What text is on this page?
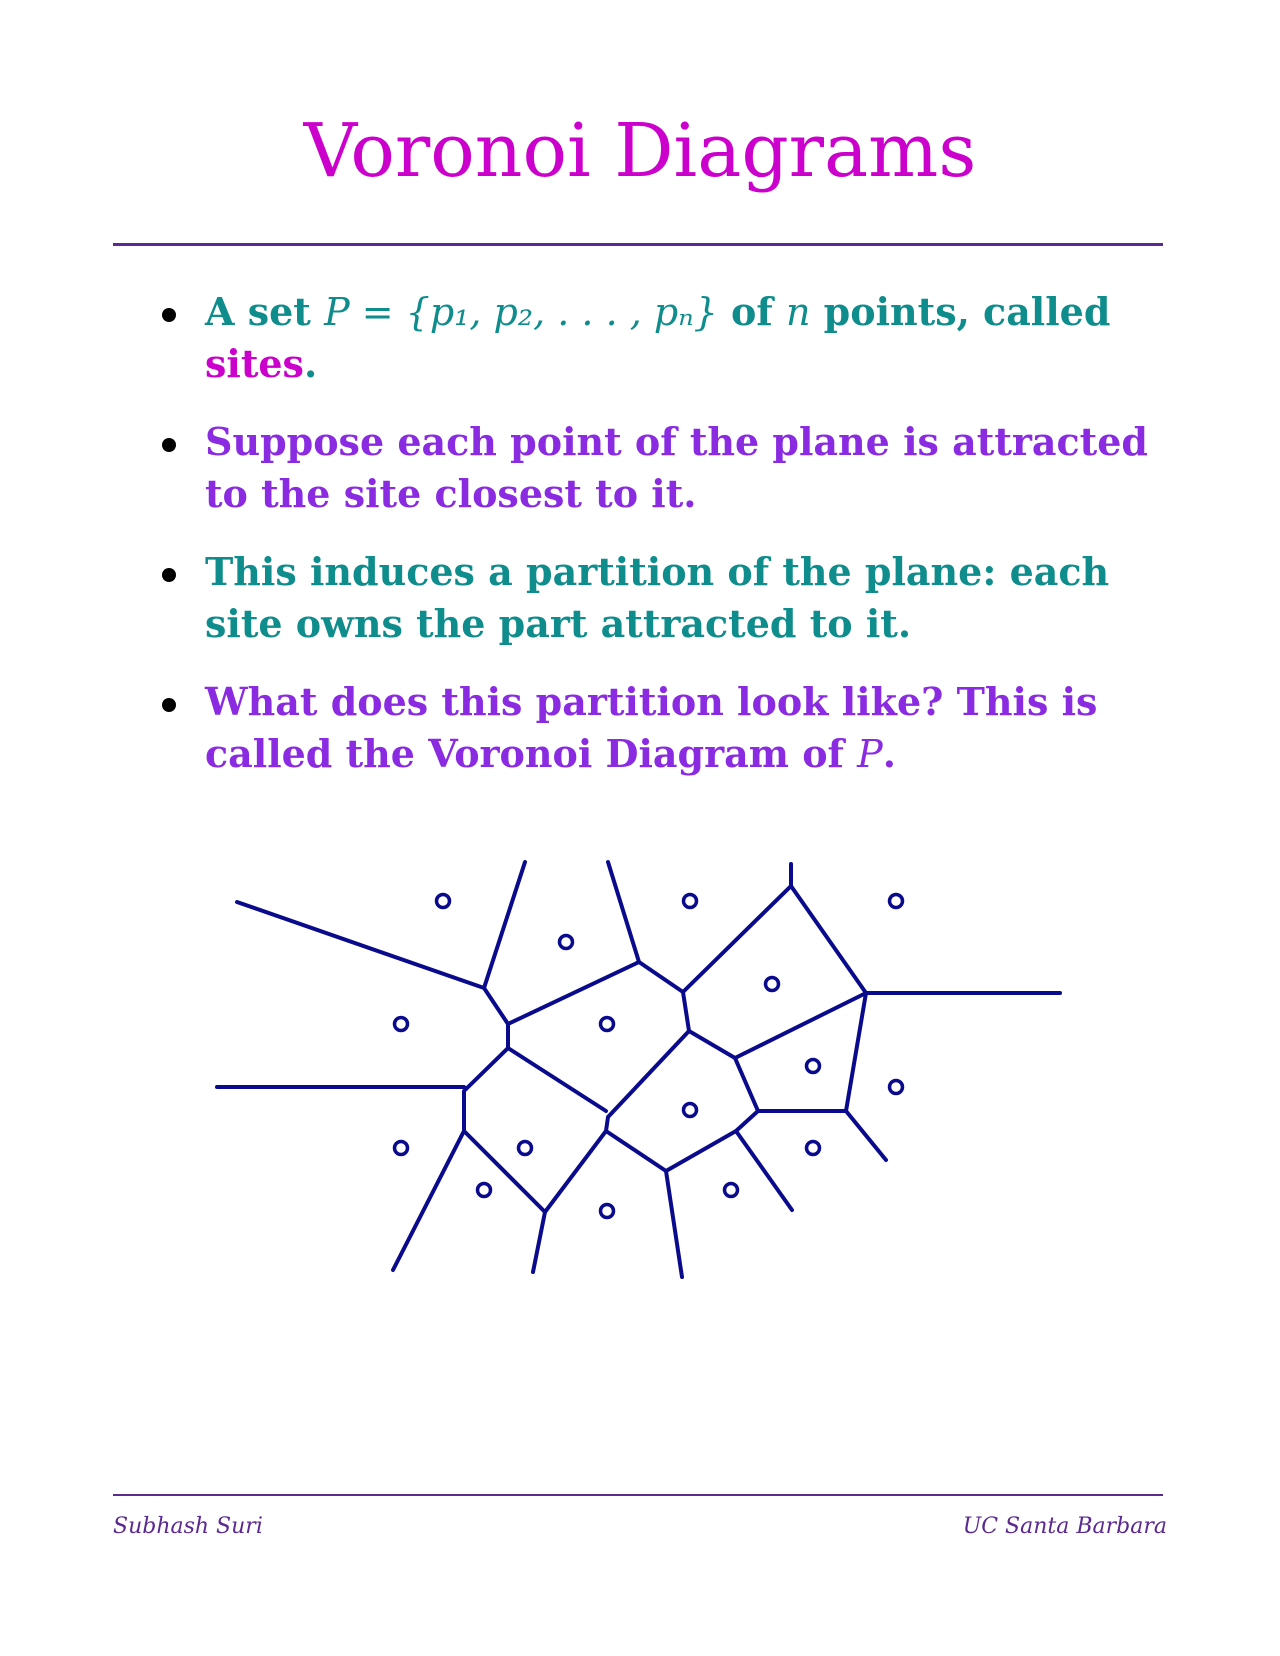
Voronoi Diagrams
A set P = {p₁, p₂, . . . , pₙ} of n points, called sites.
Suppose each point of the plane is attracted to the site closest to it.
This induces a partition of the plane: each site owns the part attracted to it.
What does this partition look like? This is called the Voronoi Diagram of P.
Subhash Suri	UC Santa Barbara
